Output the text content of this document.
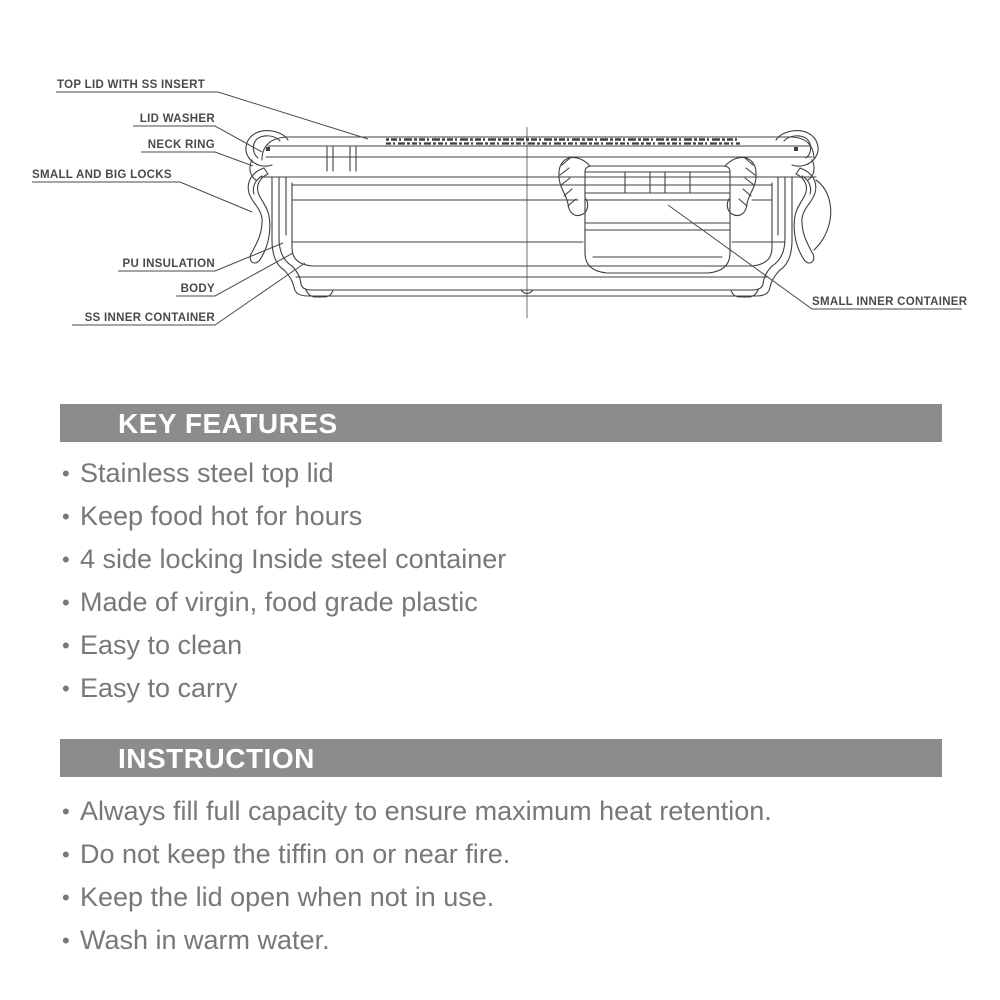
TOP LID WITH SS INSERT
LID WASHER
NECK RING
SMALL AND BIG LOCKS
PU INSULATION
BODY
SS INNER CONTAINER
SMALL INNER CONTAINER
KEY FEATURES
• Stainless steel top lid
• Keep food hot for hours
• 4 side locking Inside steel container
• Made of virgin, food grade plastic
• Easy to clean
• Easy to carry
INSTRUCTION
• Always fill full capacity to ensure maximum heat retention.
• Do not keep the tiffin on or near fire.
• Keep the lid open when not in use.
• Wash in warm water.
